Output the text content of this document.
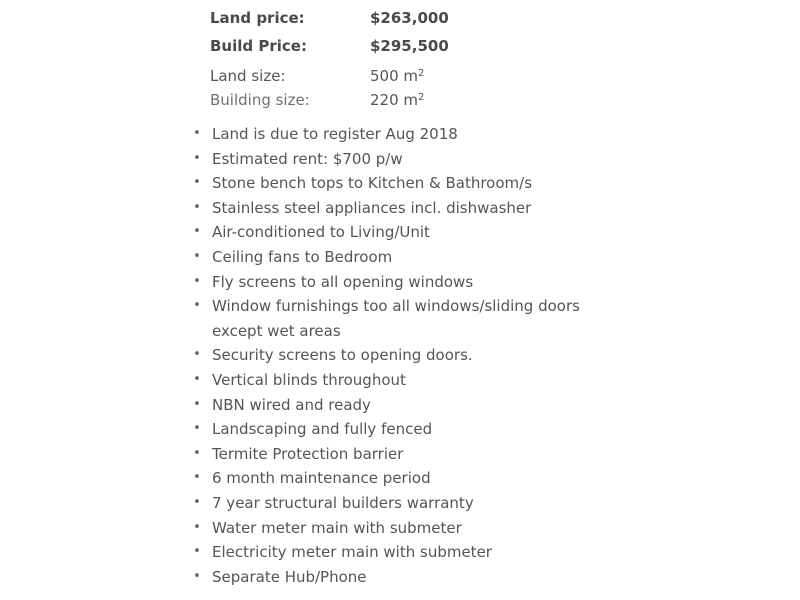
Land price:	$263,000
Build Price:	$295,500
Land size:	500 $m^2$
Building size:	220 $m^2$
• Land is due to register Aug 2018
• Estimated rent: $700 p/w
• Stone bench tops to Kitchen & Bathroom/s
• Stainless steel appliances incl. dishwasher
• Air-conditioned to Living/Unit
• Ceiling fans to Bedroom
• Fly screens to all opening windows
• Window furnishings too all windows/sliding doors except wet areas
• Security screens to opening doors.
• Vertical blinds throughout
• NBN wired and ready
• Landscaping and fully fenced
• Termite Protection barrier
• 6 month maintenance period
• 7 year structural builders warranty
• Water meter main with submeter
• Electricity meter main with submeter
• Separate Hub/Phone
